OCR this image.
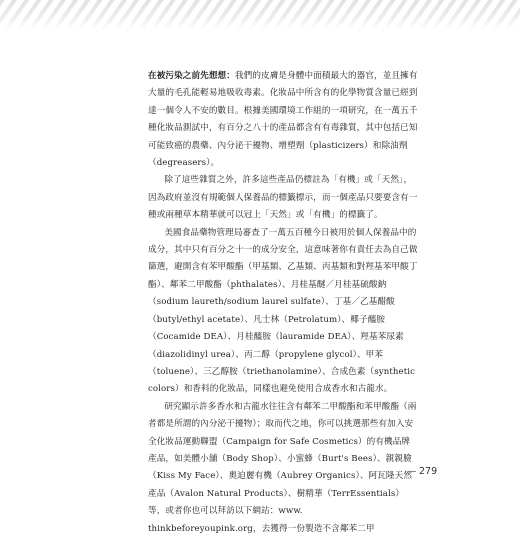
在被污染之前先想想：我們的皮膚是身體中面積最大的器官，並且擁有大量的毛孔能輕易地吸收毒素。化妝品中所含有的化學物質含量已經到達一個令人不安的數目。根據美國環境工作組的一項研究，在一萬五千種化妝品測試中，有百分之八十的產品都含有有毒雜質，其中包括已知可能致癌的農藥、內分泌干擾物、增塑劑（plasticizers）和除油劑（degreasers）。

除了這些雜質之外，許多這些產品仍標註為「有機」或「天然」，因為政府並沒有規範個人保養品的標籤標示，而一個產品只要要含有一種或兩種草本精華就可以冠上「天然」或「有機」的標籤了。

美國食品藥物管理局審查了一萬五百種今日被用於個人保養品中的成分，其中只有百分之十一的成分安全，這意味著你有責任去為自己做篩選，避開含有苯甲酸酯（甲基類、乙基類、丙基類和對羥基苯甲酸丁酯）、鄰苯二甲酸酯（phthalates）、月桂基醚／月桂基硫酸鈉（sodium laureth/sodium laurel sulfate）、丁基／乙基醋酸（butyl/ethyl acetate）、凡士林（Petrolatum）、椰子醯胺（Cocamide DEA）、月桂醯胺（lauramide DEA）、羥基苯尿素（diazolidinyl urea）、丙二醇（propylene glycol）、甲苯（toluene）、三乙醇胺（triethanolamine）、合成色素（synthetic colors）和香料的化妝品，同樣也避免使用合成香水和古龍水。

研究顯示許多香水和古龍水往往含有鄰苯二甲酸酯和苯甲酸酯（兩者都是所謂的內分泌干擾物）；取而代之地，你可以挑選那些有加入安全化妝品運動聯盟（Campaign for Safe Cosmetics）的有機品牌產品，如美體小舖（Body Shop）、小蜜蜂（Burt's Bees）、親親臉（Kiss My Face）、奧迫麗有機（Aubrey Organics）、阿瓦隆天然產品（Avalon Natural Products）、樹精華（TerrEssentials）等，或者你也可以拜訪以下網站：www. thinkbeforeyoupink.org，去獲得一份製造不含鄰苯二甲

279
